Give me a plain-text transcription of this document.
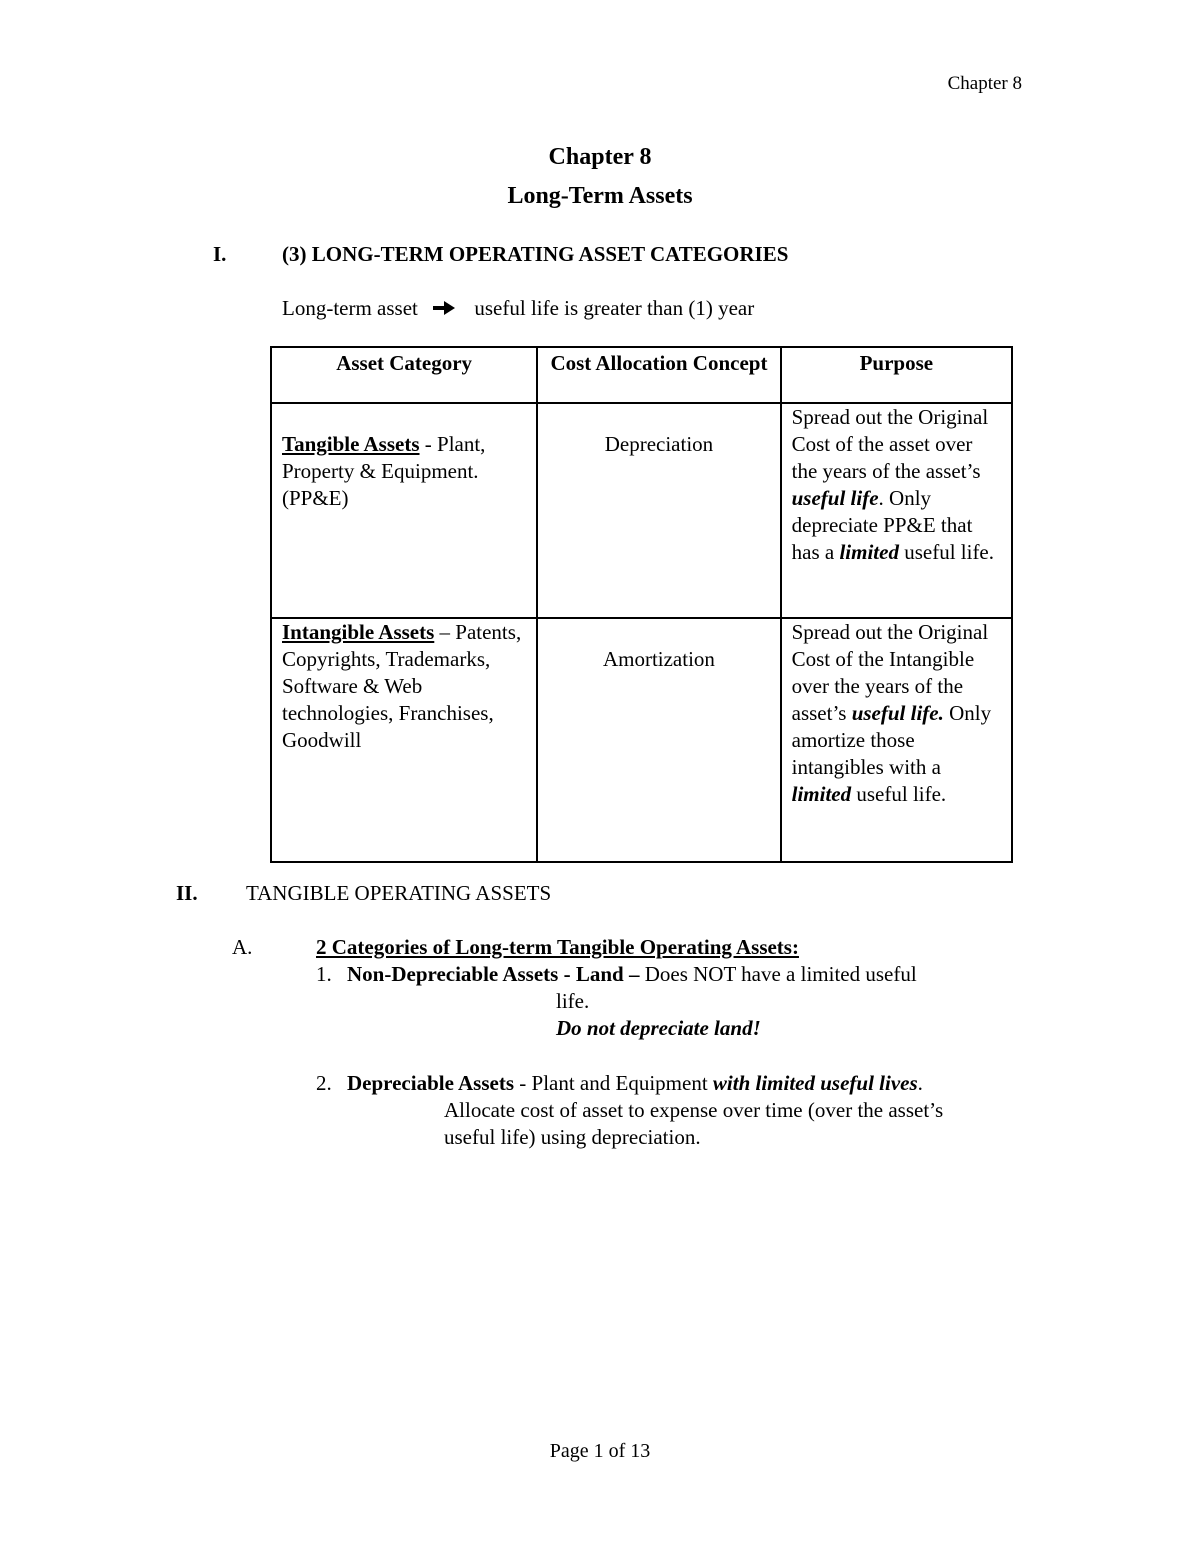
Chapter 8
Chapter 8
Long-Term Assets
I.	(3) LONG-TERM OPERATING ASSET CATEGORIES
Long-term asset	useful life is greater than (1) year
Asset Category	Cost Allocation Concept	Purpose
Tangible Assets - Plant, Property & Equipment. (PP&E)	Depreciation	Spread out the Original Cost of the asset over the years of the asset’s useful life. Only depreciate PP&E that has a limited useful life.
Intangible Assets – Patents, Copyrights, Trademarks, Software & Web technologies, Franchises, Goodwill	Amortization	Spread out the Original Cost of the Intangible over the years of the asset’s useful life. Only amortize those intangibles with a limited useful life.
II. TANGIBLE OPERATING ASSETS
A.	2 Categories of Long-term Tangible Operating Assets:
1. Non-Depreciable Assets - Land – Does NOT have a limited useful
life.
Do not depreciate land!
2. Depreciable Assets - Plant and Equipment with limited useful lives.
Allocate cost of asset to expense over time (over the asset’s
useful life) using depreciation.
Page 1 of 13
